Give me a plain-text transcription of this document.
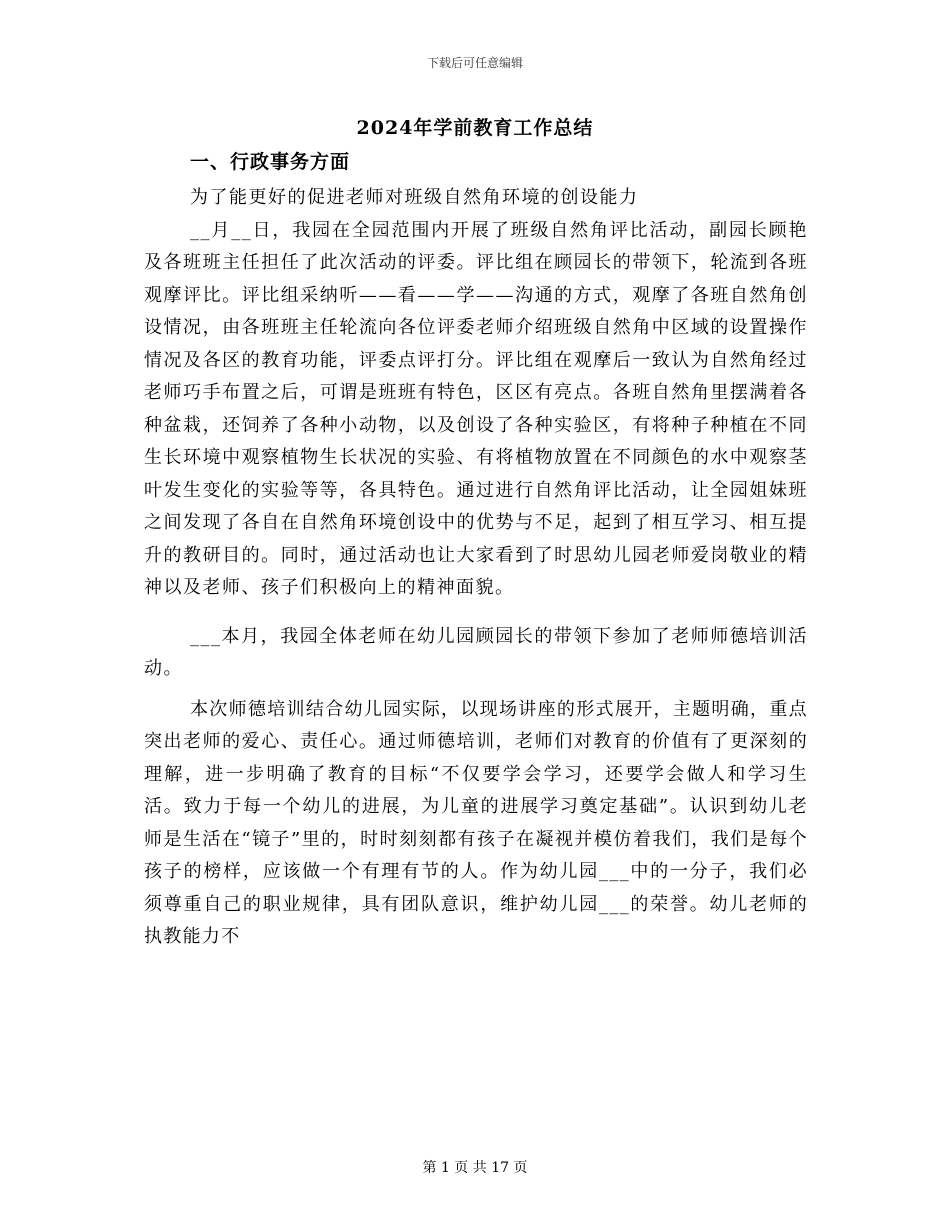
下载后可任意编辑
2024年学前教育工作总结
一、行政事务方面

为了能更好的促进老师对班级自然角环境的创设能力

__月__日，我园在全园范围内开展了班级自然角评比活动，副园长顾艳及各班班主任担任了此次活动的评委。评比组在顾园长的带领下，轮流到各班观摩评比。评比组采纳听——看——学——沟通的方式，观摩了各班自然角创设情况，由各班班主任轮流向各位评委老师介绍班级自然角中区域的设置操作情况及各区的教育功能，评委点评打分。评比组在观摩后一致认为自然角经过老师巧手布置之后，可谓是班班有特色，区区有亮点。各班自然角里摆满着各种盆栽，还饲养了各种小动物，以及创设了各种实验区，有将种子种植在不同生长环境中观察植物生长状况的实验、有将植物放置在不同颜色的水中观察茎叶发生变化的实验等等，各具特色。通过进行自然角评比活动，让全园姐妹班之间发现了各自在自然角环境创设中的优势与不足，起到了相互学习、相互提升的教研目的。同时，通过活动也让大家看到了时思幼儿园老师爱岗敬业的精神以及老师、孩子们积极向上的精神面貌。

___本月，我园全体老师在幼儿园顾园长的带领下参加了老师师德培训活动。

本次师德培训结合幼儿园实际，以现场讲座的形式展开，主题明确，重点突出老师的爱心、责任心。通过师德培训，老师们对教育的价值有了更深刻的理解，进一步明确了教育的目标“不仅要学会学习，还要学会做人和学习生活。致力于每一个幼儿的进展，为儿童的进展学习奠定基础”。认识到幼儿老师是生活在“镜子”里的，时时刻刻都有孩子在凝视并模仿着我们，我们是每个孩子的榜样，应该做一个有理有节的人。作为幼儿园___中的一分子，我们必须尊重自己的职业规律，具有团队意识，维护幼儿园___的荣誉。幼儿老师的执教能力不

第 1 页 共 17 页
